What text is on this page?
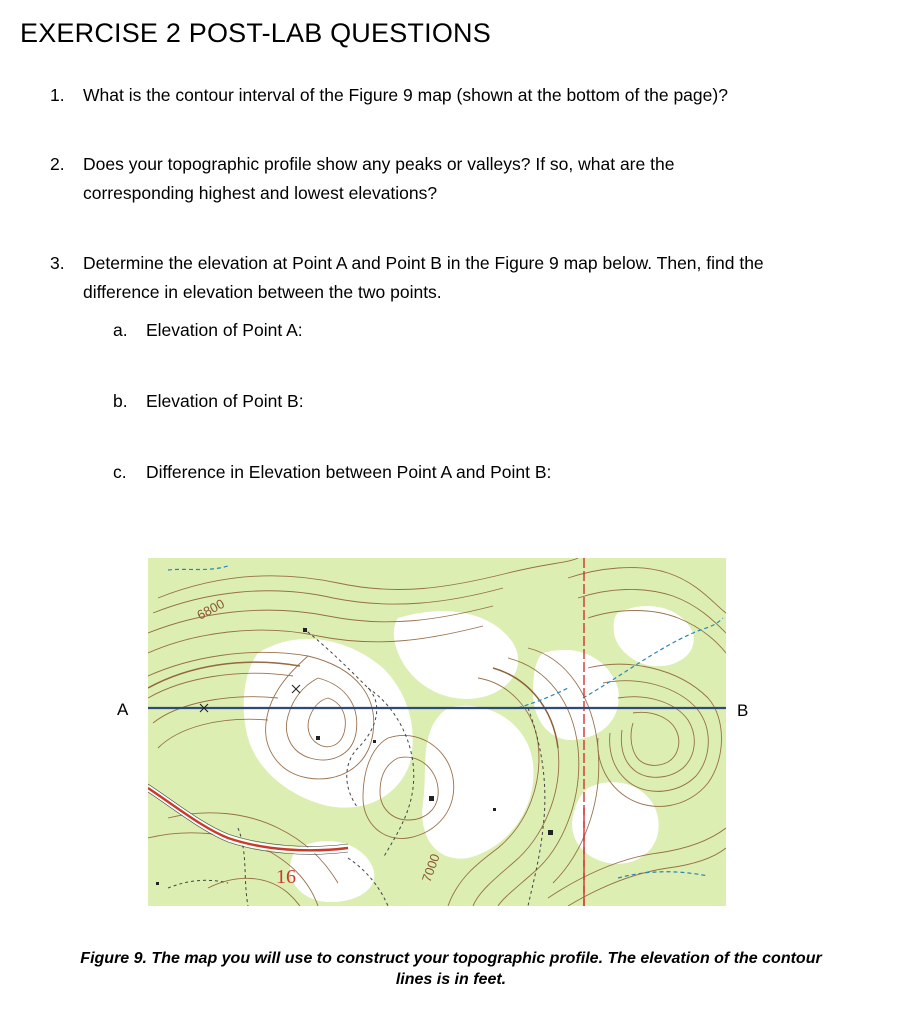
EXERCISE 2 POST-LAB QUESTIONS
1. What is the contour interval of the Figure 9 map (shown at the bottom of the page)?
2. Does your topographic profile show any peaks or valleys? If so, what are the
corresponding highest and lowest elevations?
3. Determine the elevation at Point A and Point B in the Figure 9 map below. Then, find the
difference in elevation between the two points.
a. Elevation of Point A:
b. Elevation of Point B:
c. Difference in Elevation between Point A and Point B:
A	B
6800
7000
16
Figure 9. The map you will use to construct your topographic profile. The elevation of the contour
lines is in feet.
